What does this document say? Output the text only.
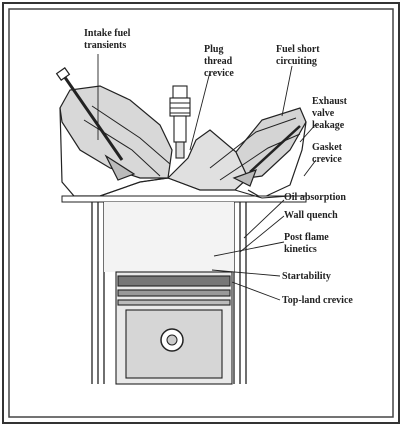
Intake fuel transients	Plug thread crevice
Fuel short circuiting
Exhaust valve leakage
Gasket crevice
Oil absorption
Wall quench
Post flame kinetics
Startability
Top-land crevice
